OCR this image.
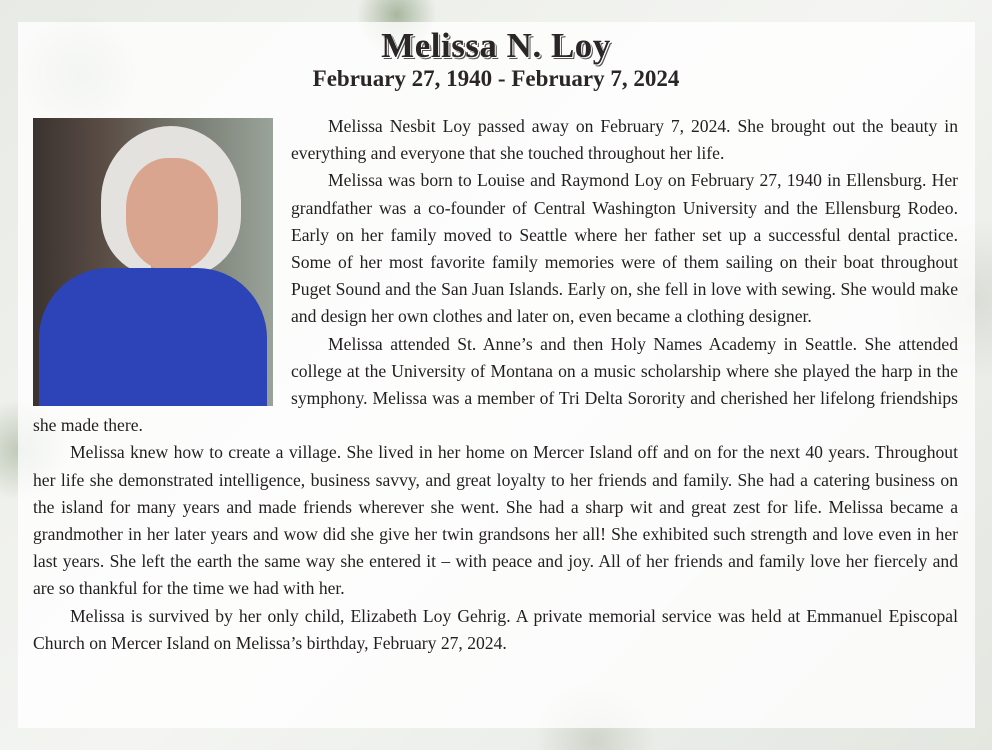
Melissa N. Loy
February 27, 1940 - February 7, 2024

Melissa Nesbit Loy passed away on February 7, 2024. She brought out the beauty in everything and everyone that she touched throughout her life.

Melissa was born to Louise and Raymond Loy on February 27, 1940 in Ellensburg. Her grandfather was a co-founder of Central Washington University and the Ellensburg Rodeo. Early on her family moved to Seattle where her father set up a successful dental practice. Some of her most favorite family memories were of them sailing on their boat throughout Puget Sound and the San Juan Islands. Early on, she fell in love with sewing. She would make and design her own clothes and later on, even became a clothing designer.

Melissa attended St. Anne’s and then Holy Names Academy in Seattle. She attended college at the University of Montana on a music scholarship where she played the harp in the symphony. Melissa was a member of Tri Delta Sorority and cherished her lifelong friendships she made there.

Melissa knew how to create a village. She lived in her home on Mercer Island off and on for the next 40 years. Throughout her life she demonstrated intelligence, business savvy, and great loyalty to her friends and family. She had a catering business on the island for many years and made friends wherever she went. She had a sharp wit and great zest for life. Melissa became a grandmother in her later years and wow did she give her twin grandsons her all! She exhibited such strength and love even in her last years. She left the earth the same way she entered it – with peace and joy. All of her friends and family love her fiercely and are so thankful for the time we had with her.

Melissa is survived by her only child, Elizabeth Loy Gehrig. A private memorial service was held at Emmanuel Episcopal Church on Mercer Island on Melissa’s birthday, February 27, 2024.
